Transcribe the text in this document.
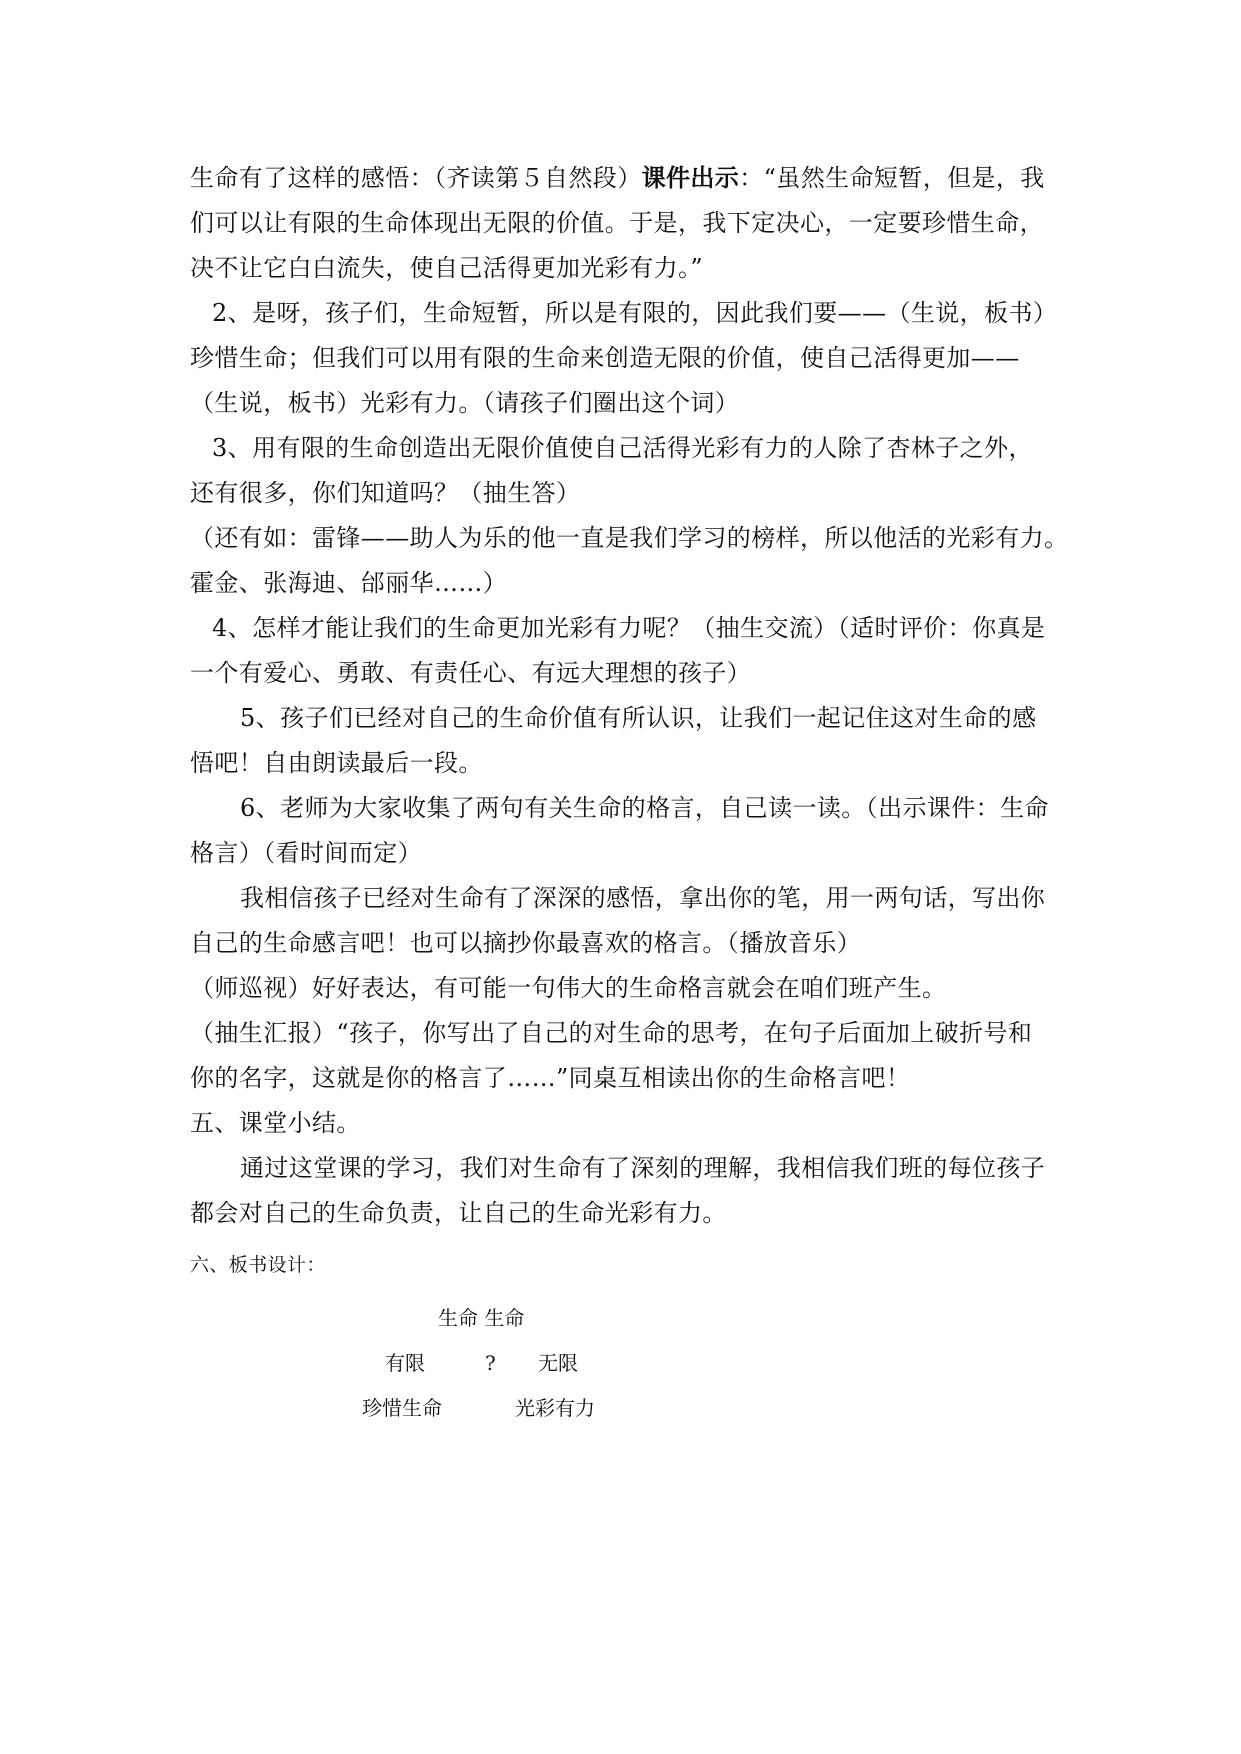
生命有了这样的感悟：（齐读第５自然段）课件出示：“虽然生命短暂，但是，我
们可以让有限的生命体现出无限的价值。于是，我下定决心，一定要珍惜生命，
决不让它白白流失，使自己活得更加光彩有力。”
2、是呀，孩子们，生命短暂，所以是有限的，因此我们要——（生说，板书）
珍惜生命；但我们可以用有限的生命来创造无限的价值，使自己活得更加——
（生说，板书）光彩有力。（请孩子们圈出这个词）
3、用有限的生命创造出无限价值使自己活得光彩有力的人除了杏林子之外，
还有很多，你们知道吗？（抽生答）
（还有如：雷锋——助人为乐的他一直是我们学习的榜样，所以他活的光彩有力。
霍金、张海迪、邰丽华……）
4、怎样才能让我们的生命更加光彩有力呢？（抽生交流）（适时评价：你真是
一个有爱心、勇敢、有责任心、有远大理想的孩子）
5、孩子们已经对自己的生命价值有所认识，让我们一起记住这对生命的感
悟吧！自由朗读最后一段。
6、老师为大家收集了两句有关生命的格言，自己读一读。（出示课件：生命
格言）（看时间而定）
我相信孩子已经对生命有了深深的感悟，拿出你的笔，用一两句话，写出你
自己的生命感言吧！也可以摘抄你最喜欢的格言。（播放音乐）
（师巡视）好好表达，有可能一句伟大的生命格言就会在咱们班产生。
（抽生汇报）“孩子，你写出了自己的对生命的思考，在句子后面加上破折号和
你的名字，这就是你的格言了……”同桌互相读出你的生命格言吧！
五、课堂小结。
通过这堂课的学习，我们对生命有了深刻的理解，我相信我们班的每位孩子
都会对自己的生命负责，让自己的生命光彩有力。
六、板书设计：
生命 生命
有限	? 无限
珍惜生命	光彩有力
